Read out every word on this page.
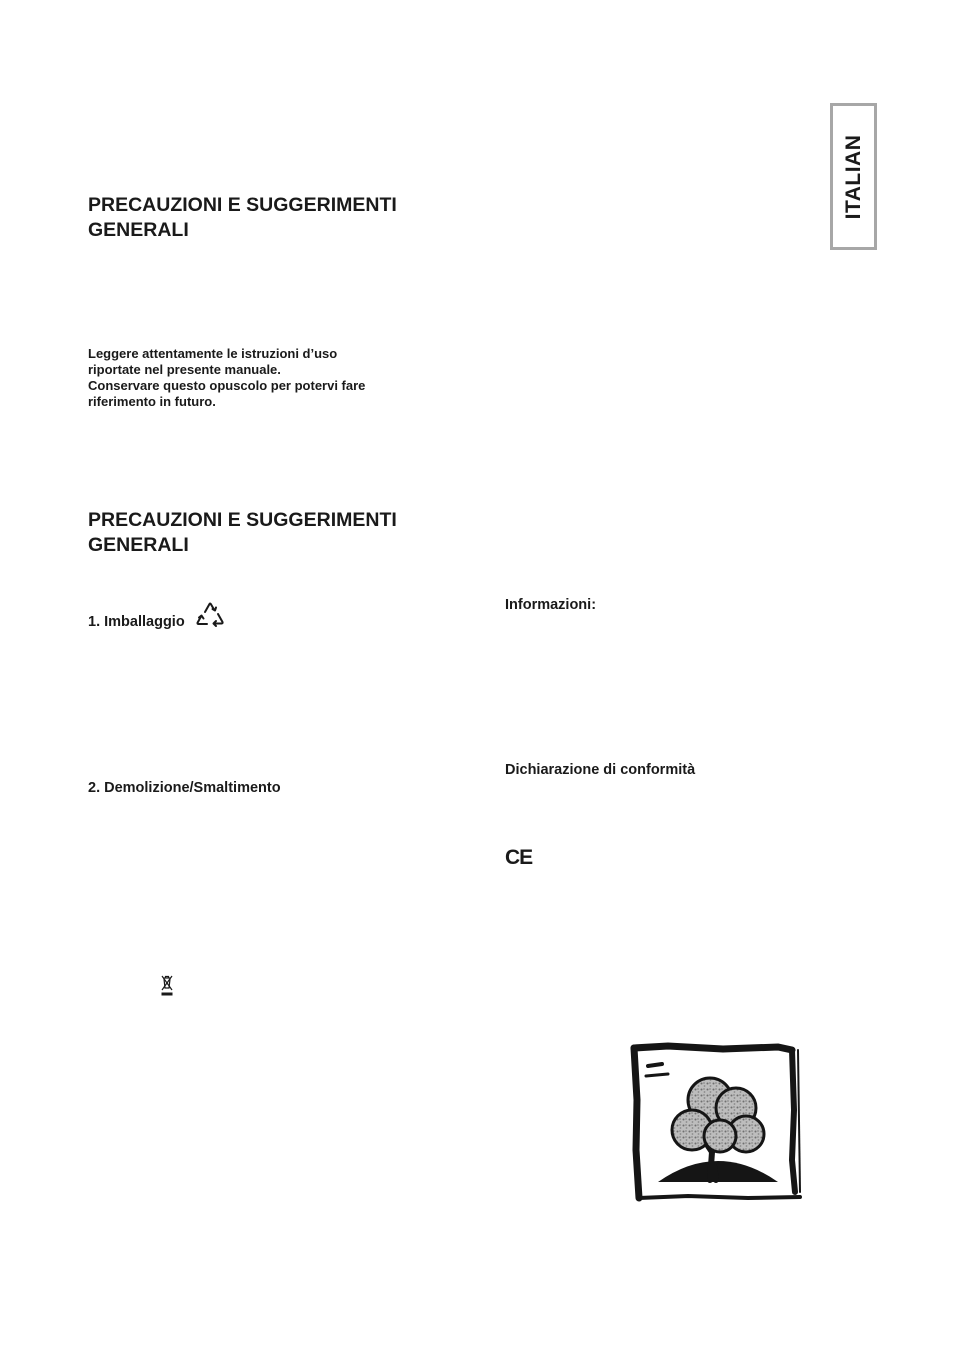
ITALIAN
PRECAUZIONI E SUGGERIMENTI
GENERALI
Leggere attentamente le istruzioni d’uso
riportate nel presente manuale.
Conservare questo opuscolo per potervi fare
riferimento in futuro.
PRECAUZIONI E SUGGERIMENTI
GENERALI
1. Imballaggio
2. Demolizione/Smaltimento
Informazioni:
Dichiarazione di conformità
CE
